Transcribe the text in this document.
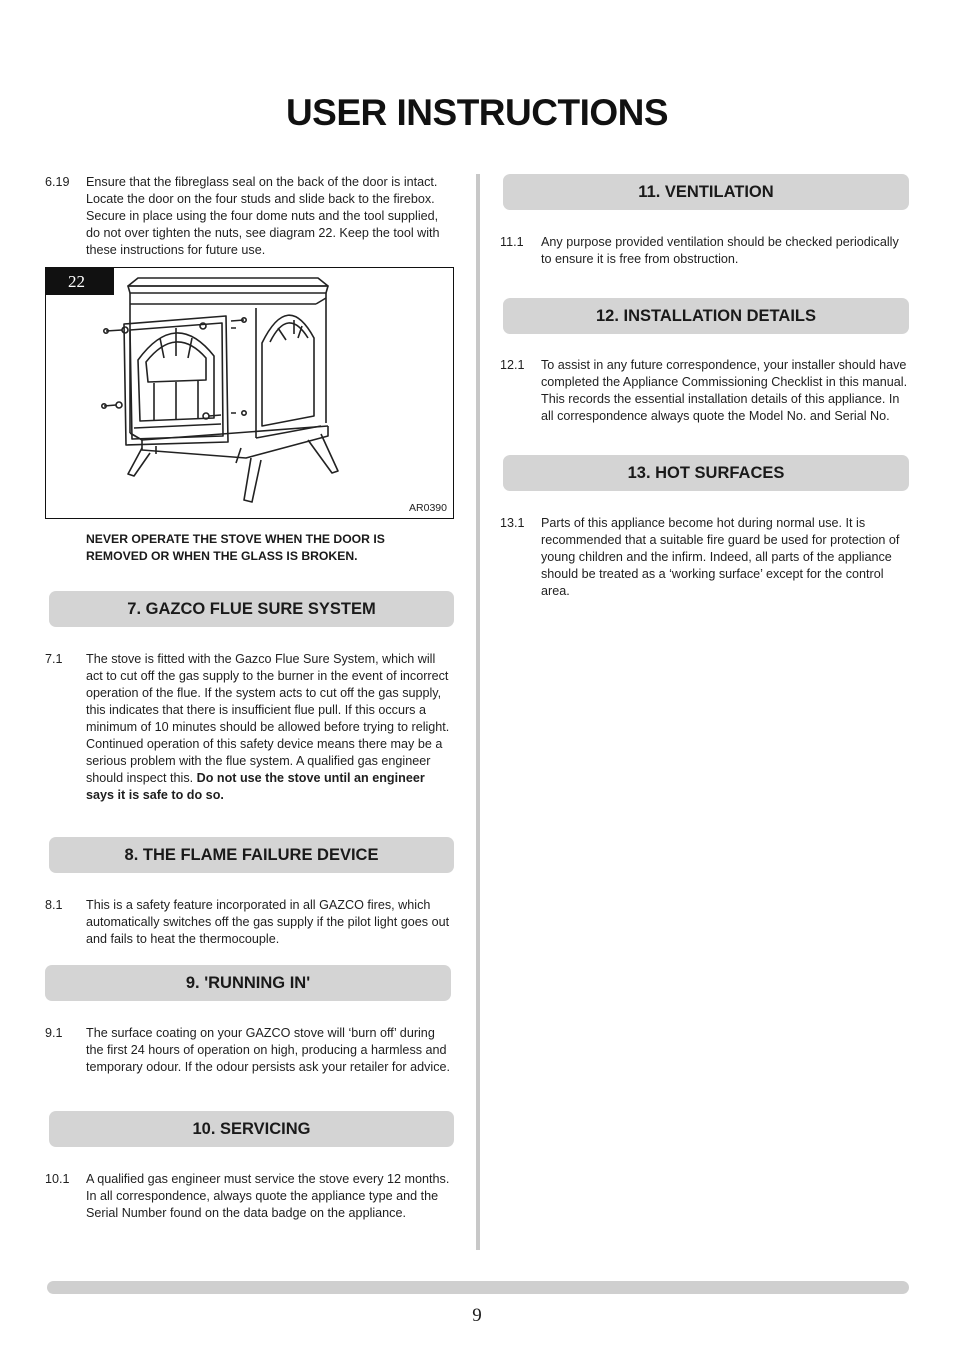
USER INSTRUCTIONS
6.19 Ensure that the fibreglass seal on the back of the door is intact. Locate the door on the four studs and slide back to the firebox. Secure in place using the four dome nuts and the tool supplied, do not over tighten the nuts, see diagram 22. Keep the tool with these instructions for future use.
22
AR0390
NEVER OPERATE THE STOVE WHEN THE DOOR IS REMOVED OR WHEN THE GLASS IS BROKEN.
7. GAZCO FLUE SURE SYSTEM
7.1 The stove is fitted with the Gazco Flue Sure System, which will act to cut off the gas supply to the burner in the event of incorrect operation of the flue. If the system acts to cut off the gas supply, this indicates that there is insufficient flue pull. If this occurs a minimum of 10 minutes should be allowed before trying to relight. Continued operation of this safety device means there may be a serious problem with the flue system. A qualified gas engineer should inspect this. Do not use the stove until an engineer says it is safe to do so.
8. THE FLAME FAILURE DEVICE
8.1 This is a safety feature incorporated in all GAZCO fires, which automatically switches off the gas supply if the pilot light goes out and fails to heat the thermocouple.
9. 'RUNNING IN'
9.1 The surface coating on your GAZCO stove will ‘burn off’ during the first 24 hours of operation on high, producing a harmless and temporary odour. If the odour persists ask your retailer for advice.
10. SERVICING
10.1 A qualified gas engineer must service the stove every 12 months. In all correspondence, always quote the appliance type and the Serial Number found on the data badge on the appliance.
11. VENTILATION
11.1 Any purpose provided ventilation should be checked periodically to ensure it is free from obstruction.
12. INSTALLATION DETAILS
12.1 To assist in any future correspondence, your installer should have completed the Appliance Commissioning Checklist in this manual. This records the essential installation details of this appliance. In all correspondence always quote the Model No. and Serial No.
13. HOT SURFACES
13.1 Parts of this appliance become hot during normal use. It is recommended that a suitable fire guard be used for protection of young children and the infirm. Indeed, all parts of the appliance should be treated as a ‘working surface’ except for the control area.
9
